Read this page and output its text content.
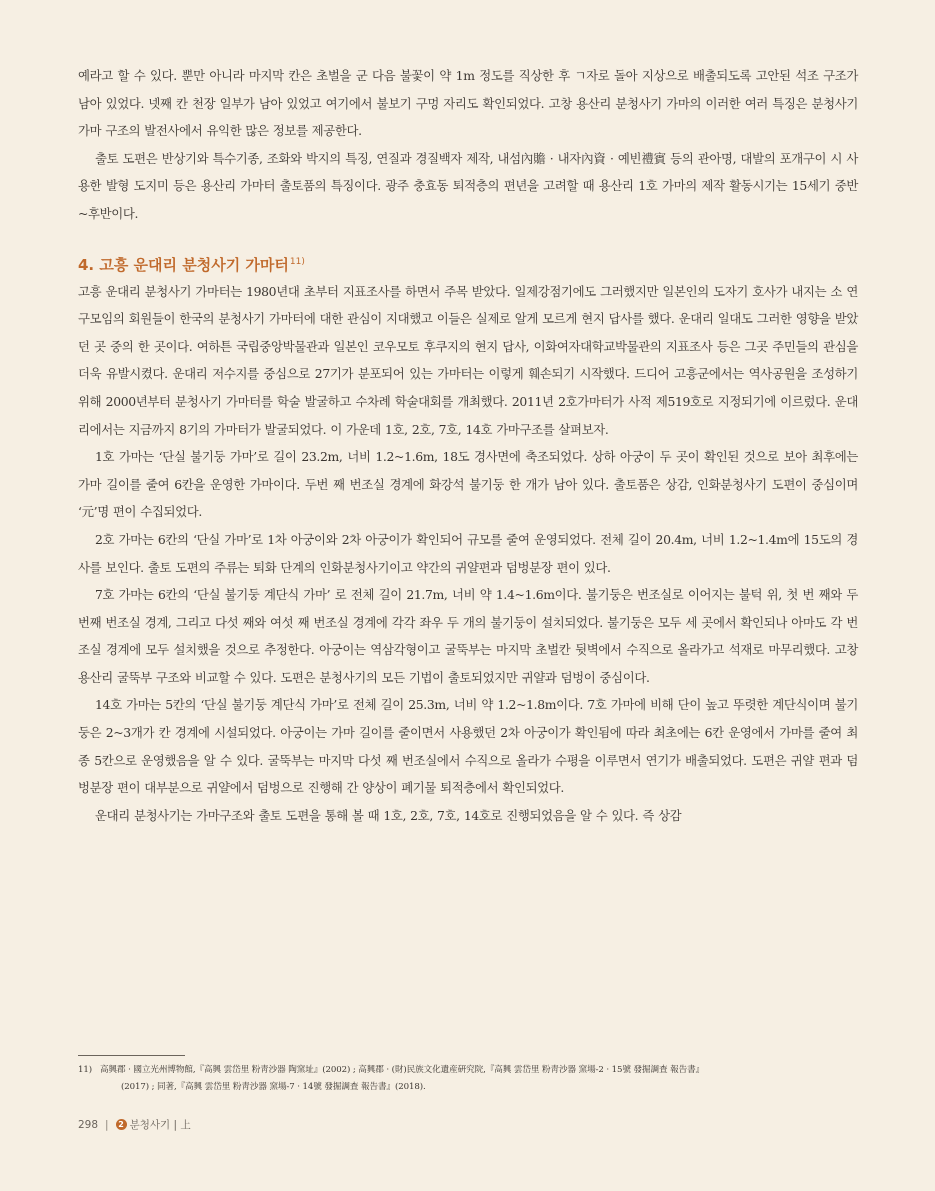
예라고 할 수 있다. 뿐만 아니라 마지막 칸은 초벌을 군 다음 불꽃이 약 1m 정도를 직상한 후 ㄱ자로 돌아 지상으로 배출되도록 고안된 석조 구조가 남아 있었다. 넷째 칸 천장 일부가 남아 있었고 여기에서 불보기 구멍 자리도 확인되었다. 고창 용산리 분청사기 가마의 이러한 여러 특징은 분청사기 가마 구조의 발전사에서 유익한 많은 정보를 제공한다.

출토 도편은 반상기와 특수기종, 조화와 박지의 특징, 연질과 경질백자 제작, 내섬內贍 · 내자內資 · 예빈禮賓 등의 관아명, 대발의 포개구이 시 사용한 발형 도지미 등은 용산리 가마터 출토품의 특징이다. 광주 충효동 퇴적층의 편년을 고려할 때 용산리 1호 가마의 제작 활동시기는 15세기 중반~후반이다.

4. 고흥 운대리 분청사기 가마터$^{11)}$

고흥 운대리 분청사기 가마터는 1980년대 초부터 지표조사를 하면서 주목 받았다. 일제강점기에도 그러했지만 일본인의 도자기 호사가 내지는 소 연구모임의 회원들이 한국의 분청사기 가마터에 대한 관심이 지대했고 이들은 실제로 알게 모르게 현지 답사를 했다. 운대리 일대도 그러한 영향을 받았던 곳 중의 한 곳이다. 여하튼 국립중앙박물관과 일본인 코우모토 후쿠지의 현지 답사, 이화여자대학교박물관의 지표조사 등은 그곳 주민들의 관심을 더욱 유발시켰다. 운대리 저수지를 중심으로 27기가 분포되어 있는 가마터는 이렇게 훼손되기 시작했다. 드디어 고흥군에서는 역사공원을 조성하기 위해 2000년부터 분청사기 가마터를 학술 발굴하고 수차례 학술대회를 개최했다. 2011년 2호가마터가 사적 제519호로 지정되기에 이르렀다. 운대리에서는 지금까지 8기의 가마터가 발굴되었다. 이 가운데 1호, 2호, 7호, 14호 가마구조를 살펴보자.

1호 가마는 ‘단실 불기둥 가마’로 길이 23.2m, 너비 1.2~1.6m, 18도 경사면에 축조되었다. 상하 아궁이 두 곳이 확인된 것으로 보아 최후에는 가마 길이를 줄여 6칸을 운영한 가마이다. 두번 째 번조실 경계에 화강석 불기둥 한 개가 남아 있다. 출토품은 상감, 인화분청사기 도편이 중심이며 ‘元’명 편이 수집되었다.

2호 가마는 6칸의 ‘단실 가마’로 1차 아궁이와 2차 아궁이가 확인되어 규모를 줄여 운영되었다. 전체 길이 20.4m, 너비 1.2~1.4m에 15도의 경사를 보인다. 출토 도편의 주류는 퇴화 단계의 인화분청사기이고 약간의 귀얄편과 덤벙분장 편이 있다.

7호 가마는 6칸의 ‘단실 불기둥 계단식 가마’ 로 전체 길이 21.7m, 너비 약 1.4~1.6m이다. 불기둥은 번조실로 이어지는 불턱 위, 첫 번 째와 두 번째 번조실 경계, 그리고 다섯 째와 여섯 째 번조실 경계에 각각 좌우 두 개의 불기둥이 설치되었다. 불기둥은 모두 세 곳에서 확인되나 아마도 각 번조실 경계에 모두 설치했을 것으로 추정한다. 아궁이는 역삼각형이고 굴뚝부는 마지막 초벌칸 뒷벽에서 수직으로 올라가고 석재로 마무리했다. 고창 용산리 굴뚝부 구조와 비교할 수 있다. 도편은 분청사기의 모든 기법이 출토되었지만 귀얄과 덤벙이 중심이다.

14호 가마는 5칸의 ‘단실 불기둥 계단식 가마’로 전체 길이 25.3m, 너비 약 1.2~1.8m이다. 7호 가마에 비해 단이 높고 뚜렷한 계단식이며 불기둥은 2~3개가 칸 경계에 시설되었다. 아궁이는 가마 길이를 줄이면서 사용했던 2차 아궁이가 확인됨에 따라 최초에는 6칸 운영에서 가마를 줄여 최종 5칸으로 운영했음을 알 수 있다. 굴뚝부는 마지막 다섯 째 번조실에서 수직으로 올라가 수평을 이루면서 연기가 배출되었다. 도편은 귀얄 편과 덤벙분장 편이 대부분으로 귀얄에서 덤벙으로 진행해 간 양상이 폐기물 퇴적층에서 확인되었다.

운대리 분청사기는 가마구조와 출토 도편을 통해 볼 때 1호, 2호, 7호, 14호로 진행되었음을 알 수 있다. 즉 상감

11) 高興郡 · 國立光州博物館,『高興 雲岱里 粉靑沙器 陶窯址』(2002) ; 高興郡 · (財)民族文化遺産硏究院,『高興 雲岱里 粉靑沙器 窯場-2 · 15號 發掘調査 報告書』
(2017) ; 同著,『高興 雲岱里 粉靑沙器 窯場-7 · 14號 發掘調査 報告書』(2018).
298 |	2 분청사기 | 上
